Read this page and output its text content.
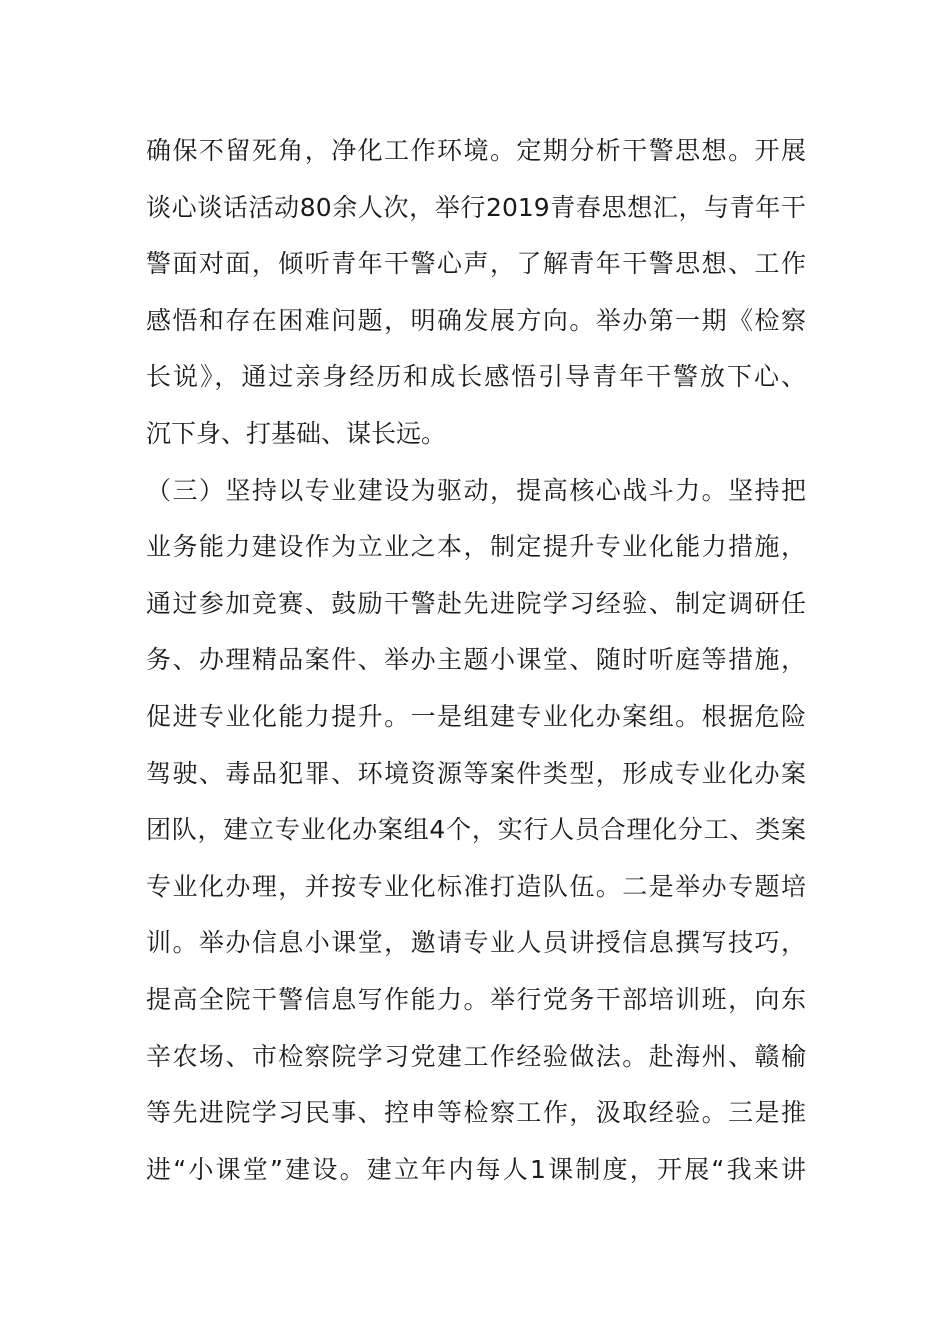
确保不留死角，净化工作环境。定期分析干警思想。开展
谈心谈话活动80余人次，举行2019青春思想汇，与青年干
警面对面，倾听青年干警心声，了解青年干警思想、工作
感悟和存在困难问题，明确发展方向。举办第一期《检察
长说》，通过亲身经历和成长感悟引导青年干警放下心、
沉下身、打基础、谋长远。
（三）坚持以专业建设为驱动，提高核心战斗力。坚持把
业务能力建设作为立业之本，制定提升专业化能力措施，
通过参加竞赛、鼓励干警赴先进院学习经验、制定调研任
务、办理精品案件、举办主题小课堂、随时听庭等措施，
促进专业化能力提升。一是组建专业化办案组。根据危险
驾驶、毒品犯罪、环境资源等案件类型，形成专业化办案
团队，建立专业化办案组4个，实行人员合理化分工、类案
专业化办理，并按专业化标准打造队伍。二是举办专题培
训。举办信息小课堂，邀请专业人员讲授信息撰写技巧，
提高全院干警信息写作能力。举行党务干部培训班，向东
辛农场、市检察院学习党建工作经验做法。赴海州、赣榆
等先进院学习民事、控申等检察工作，汲取经验。三是推
进“小课堂”建设。建立年内每人1课制度，开展“我来讲
